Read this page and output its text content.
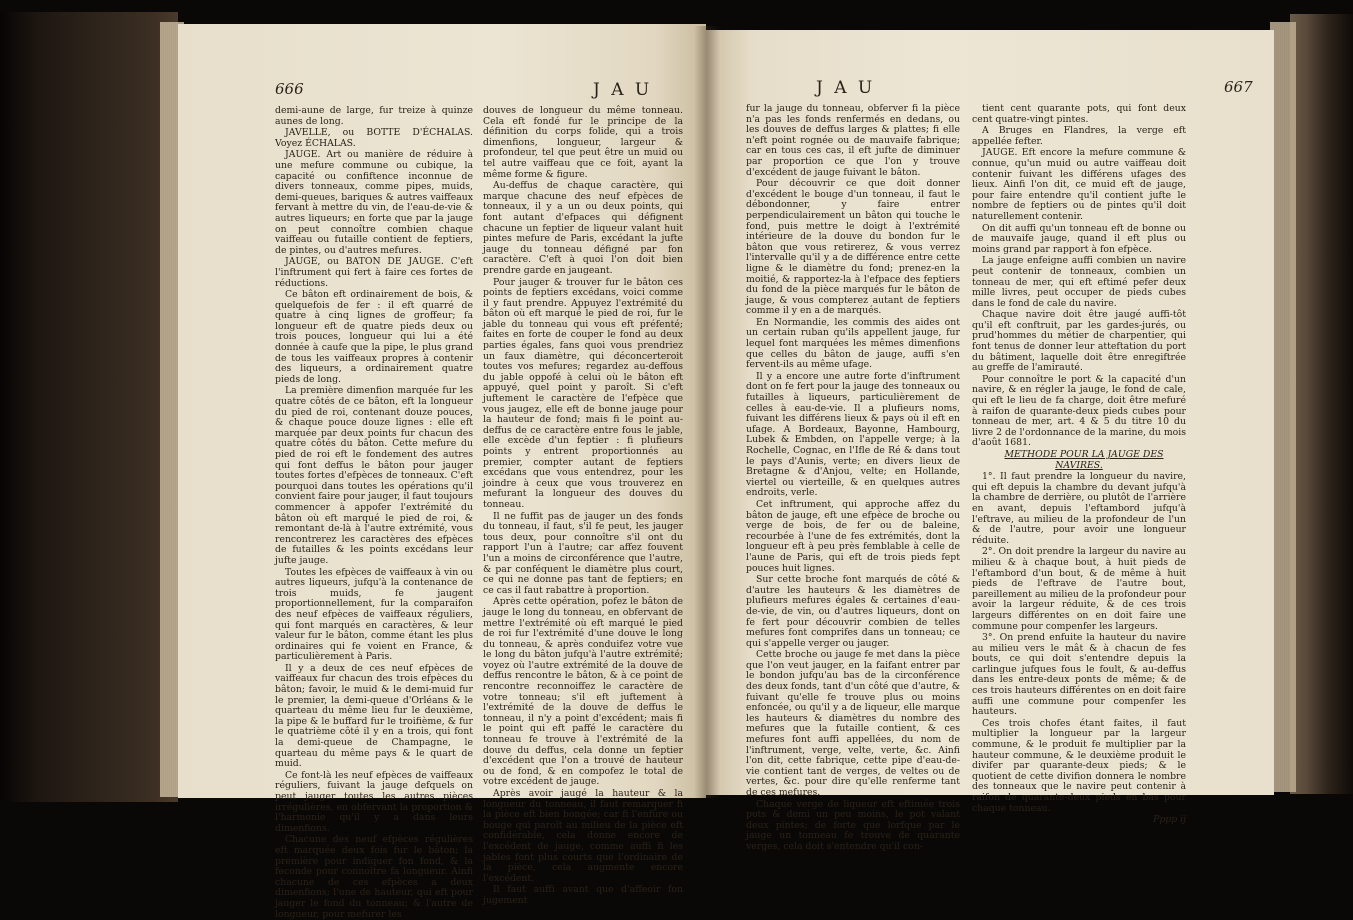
666	J A U

demi-aune de large, fur treize à quinze aunes de long.

JAVELLE, ou BOTTE D'ÉCHALAS. Voyez ÉCHALAS.

JAUGE. Art ou manière de réduire à une mefure commune ou cubique, la capacité ou confiftence inconnue de divers tonneaux, comme pipes, muids, demi-queues, bariques & autres vaiffeaux fervant à mettre du vin, de l'eau-de-vie & autres liqueurs; en forte que par la jauge on peut connoître combien chaque vaiffeau ou futaille contient de feptiers, de pintes, ou d'autres mefures.

JAUGE, ou BATON DE JAUGE. C'eft l'inftrument qui fert à faire ces fortes de réductions.

Ce bâton eft ordinairement de bois, & quelquefois de fer : il eft quarré de quatre à cinq lignes de groffeur; fa longueur eft de quatre pieds deux ou trois pouces, longueur qui lui a été donnée à caufe que la pipe, le plus grand de tous les vaiffeaux propres à contenir des liqueurs, a ordinairement quatre pieds de long.

La première dimenfion marquée fur les quatre côtés de ce bâton, eft la longueur du pied de roi, contenant douze pouces, & chaque pouce douze lignes : elle eft marquée par deux points fur chacun des quatre côtés du bâton. Cette mefure du pied de roi eft le fondement des autres qui font deffus le bâton pour jauger toutes fortes d'efpèces de tonneaux. C'eft pourquoi dans toutes les opérations qu'il convient faire pour jauger, il faut toujours commencer à appofer l'extrémité du bâton où eft marqué le pied de roi, & remontant de-là à l'autre extrémité, vous rencontrerez les caractères des efpèces de futailles & les points excédans leur jufte jauge.

Toutes les efpèces de vaiffeaux à vin ou autres liqueurs, jufqu'à la contenance de trois muids, fe jaugent proportionnellement, fur la comparaifon des neuf efpèces de vaiffeaux réguliers, qui font marqués en caractères, & leur valeur fur le bâton, comme étant les plus ordinaires qui fe voient en France, & particulièrement à Paris.

Il y a deux de ces neuf efpèces de vaiffeaux fur chacun des trois efpèces du bâton; favoir, le muid & le demi-muid fur le premier, la demi-queue d'Orléans & le quarteau du même lieu fur le deuxième, la pipe & le buffard fur le troifième, & fur le quatrième côté il y en a trois, qui font la demi-queue de Champagne, le quarteau du même pays & le quart de muid.

Ce font-là les neuf efpèces de vaiffeaux réguliers, fuivant la jauge defquels on peut jauger toutes les autres pièces irrégulières, en obfervant la proportion & l'harmonie qu'il y a dans leurs dimenfions.

Chacune des neuf efpèces régulières eft marquée deux fois fur le bâton; la première pour indiquer fon fond, & la feconde pour connoître fa longueur. Ainfi chacune de ces efpèces a deux dimenfions; l'une de hauteur, qui eft pour jauger le fond du tonneau; & l'autre de longueur, pour mefurer les

douves de longueur du même tonneau. Cela eft fondé fur le principe de la définition du corps folide, qui a trois dimenfions, longueur, largeur & profondeur, tel que peut être un muid ou tel autre vaiffeau que ce foit, ayant la même forme & figure.

Au-deffus de chaque caractère, qui marque chacune des neuf efpèces de tonneaux, il y a un ou deux points, qui font autant d'efpaces qui défignent chacune un feptier de liqueur valant huit pintes mefure de Paris, excédant la jufte jauge du tonneau défigné par fon caractère. C'eft à quoi l'on doit bien prendre garde en jaugeant.

Pour jauger & trouver fur le bâton ces points de feptiers excédans, voici comme il y faut prendre. Appuyez l'extrémité du bâton où eft marqué le pied de roi, fur le jable du tonneau qui vous eft préfenté; faites en forte de couper le fond au deux parties égales, fans quoi vous prendriez un faux diamètre, qui déconcerteroit toutes vos mefures; regardez au-deffous du jable oppofé à celui où le bâton eft appuyé, quel point y paroît. Si c'eft juftement le caractère de l'efpèce que vous jaugez, elle eft de bonne jauge pour la hauteur de fond; mais fi le point au-deffus de ce caractère entre fous le jable, elle excède d'un feptier : fi plufieurs points y entrent proportionnés au premier, compter autant de feptiers excédans que vous entendrez, pour les joindre à ceux que vous trouverez en mefurant la longueur des douves du tonneau.

Il ne fuffit pas de jauger un des fonds du tonneau, il faut, s'il fe peut, les jauger tous deux, pour connoître s'il ont du rapport l'un à l'autre; car affez fouvent l'un a moins de circonférence que l'autre, & par conféquent le diamètre plus court, ce qui ne donne pas tant de feptiers; en ce cas il faut rabattre à proportion.

Après cette opération, pofez le bâton de jauge le long du tonneau, en obfervant de mettre l'extrémité où eft marqué le pied de roi fur l'extrémité d'une douve le long du tonneau, & après conduifez votre vue le long du bâton jufqu'à l'autre extrémité; voyez où l'autre extrémité de la douve de deffus rencontre le bâton, & à ce point de rencontre reconnoiffez le caractère de votre tonneau; s'il eft juftement à l'extrémité de la douve de deffus le tonneau, il n'y a point d'excédent; mais fi le point qui eft paffé le caractère du tonneau fe trouve à l'extrémité de la douve du deffus, cela donne un feptier d'excédent que l'on a trouvé de hauteur ou de fond, & en compofez le total de votre excédent de jauge.

Après avoir jaugé la hauteur & la longueur du tonneau, il faut remarquer fi la pièce eft bien bongée; car fi l'enfûre ou bouge qui paroît au milieu de la pièce eft confidérable, cela donne encore de l'excédent de jauge, comme auffi fi les jables font plus courts que l'ordinaire de la pièce, cela augmente encore l'excédent.

Il faut auffi avant que d'affeoir fon jugement

J A U	667

fur la jauge du tonneau, obferver fi la pièce n'a pas les fonds renfermés en dedans, ou les douves de deffus larges & plattes; fi elle n'eft point rognée ou de mauvaife fabrique; car en tous ces cas, il eft jufte de diminuer par proportion ce que l'on y trouve d'excédent de jauge fuivant le bâton.

Pour découvrir ce que doit donner d'excédent le bouge d'un tonneau, il faut le débondonner, y faire entrer perpendiculairement un bâton qui touche le fond, puis mettre le doigt à l'extrémité intérieure de la douve du bondon fur le bâton que vous retirerez, & vous verrez l'intervalle qu'il y a de différence entre cette ligne & le diamètre du fond; prenez-en la moitié, & rapportez-la à l'efpace des feptiers du fond de la pièce marqués fur le bâton de jauge, & vous compterez autant de feptiers comme il y en a de marqués.

En Normandie, les commis des aides ont un certain ruban qu'ils appellent jauge, fur lequel font marquées les mêmes dimenfions que celles du bâton de jauge, auffi s'en fervent-ils au même ufage.

Il y a encore une autre forte d'inftrument dont on fe fert pour la jauge des tonneaux ou futailles à liqueurs, particulièrement de celles à eau-de-vie. Il a plufieurs noms, fuivant les différens lieux & pays où il eft en ufage. A Bordeaux, Bayonne, Hambourg, Lubek & Embden, on l'appelle verge; à la Rochelle, Cognac, en l'Ifle de Ré & dans tout le pays d'Aunis, verte; en divers lieux de Bretagne & d'Anjou, velte; en Hollande, viertel ou vierteille, & en quelques autres endroits, verle.

Cet inftrument, qui approche affez du bâton de jauge, eft une efpèce de broche ou verge de bois, de fer ou de baleine, recourbée à l'une de fes extrémités, dont la longueur eft à peu près femblable à celle de l'aune de Paris, qui eft de trois pieds fept pouces huit lignes.

Sur cette broche font marqués de côté & d'autre les hauteurs & les diamètres de plufieurs mefures égales & certaines d'eau-de-vie, de vin, ou d'autres liqueurs, dont on fe fert pour découvrir combien de telles mefures font comprifes dans un tonneau; ce qui s'appelle verger ou jauger.

Cette broche ou jauge fe met dans la pièce que l'on veut jauger, en la faifant entrer par le bondon jufqu'au bas de la circonférence des deux fonds, tant d'un côté que d'autre, & fuivant qu'elle fe trouve plus ou moins enfoncée, ou qu'il y a de liqueur, elle marque les hauteurs & diamètres du nombre des mefures que la futaille contient, & ces mefures font auffi appellées, du nom de l'inftrument, verge, velte, verte, &c. Ainfi l'on dit, cette fabrique, cette pipe d'eau-de-vie contient tant de verges, de veltes ou de vertes, &c. pour dire qu'elle renferme tant de ces mefures.

Chaque verge de liqueur eft eftimée trois pots & demi un peu moins, le pot valant deux pintes; de forte que lorfque par le jauge un tonneau fe trouve de quarante verges, cela doit s'entendre qu'il con-

tient cent quarante pots, qui font deux cent quatre-vingt pintes.

A Bruges en Flandres, la verge eft appellée fefter.

JAUGE. Eft encore la mefure commune & connue, qu'un muid ou autre vaiffeau doit contenir fuivant les différens ufages des lieux. Ainfi l'on dit, ce muid eft de jauge, pour faire entendre qu'il contient jufte le nombre de feptiers ou de pintes qu'il doit naturellement contenir.

On dit auffi qu'un tonneau eft de bonne ou de mauvaife jauge, quand il eft plus ou moins grand par rapport à fon efpèce.

La jauge enfeigne auffi combien un navire peut contenir de tonneaux, combien un tonneau de mer, qui eft eftimé pefer deux mille livres, peut occuper de pieds cubes dans le fond de cale du navire.

Chaque navire doit être jaugé auffi-tôt qu'il eft conftruit, par les gardes-jurés, ou prud'hommes du métier de charpentier, qui font tenus de donner leur atteftation du port du bâtiment, laquelle doit être enregiftrée au greffe de l'amirauté.

Pour connoître le port & la capacité d'un navire, & en régler la jauge, le fond de cale, qui eft le lieu de fa charge, doit être mefuré à raifon de quarante-deux pieds cubes pour tonneau de mer, art. 4 & 5 du titre 10 du livre 2 de l'ordonnance de la marine, du mois d'août 1681.

METHODE POUR LA JAUGE DES NAVIRES.

1°. Il faut prendre la longueur du navire, qui eft depuis la chambre du devant jufqu'à la chambre de derrière, ou plutôt de l'arrière en avant, depuis l'eftambord jufqu'à l'eftrave, au milieu de la profondeur de l'un & de l'autre, pour avoir une longueur réduite.

2°. On doit prendre la largeur du navire au milieu & à chaque bout, à huit pieds de l'eftambord d'un bout, & de même à huit pieds de l'eftrave de l'autre bout, pareillement au milieu de la profondeur pour avoir la largeur réduite, & de ces trois largeurs différentes on en doit faire une commune pour compenfer les largeurs.

3°. On prend enfuite la hauteur du navire au milieu vers le mât & à chacun de fes bouts, ce qui doit s'entendre depuis la carlingue jufques fous le foult, & au-deffus dans les entre-deux ponts de même; & de ces trois hauteurs différentes on en doit faire auffi une commune pour compenfer les hauteurs.

Ces trois chofes étant faites, il faut multiplier la longueur par la largeur commune, & le produit fe multiplier par la hauteur commune, & le deuxième produit le divifer par quarante-deux pieds; & le quotient de cette divifion donnera le nombre des tonneaux que le navire peut contenir à raifon de quarante-deux pieds en bas pour chaque tonneau.

Pppp ij
